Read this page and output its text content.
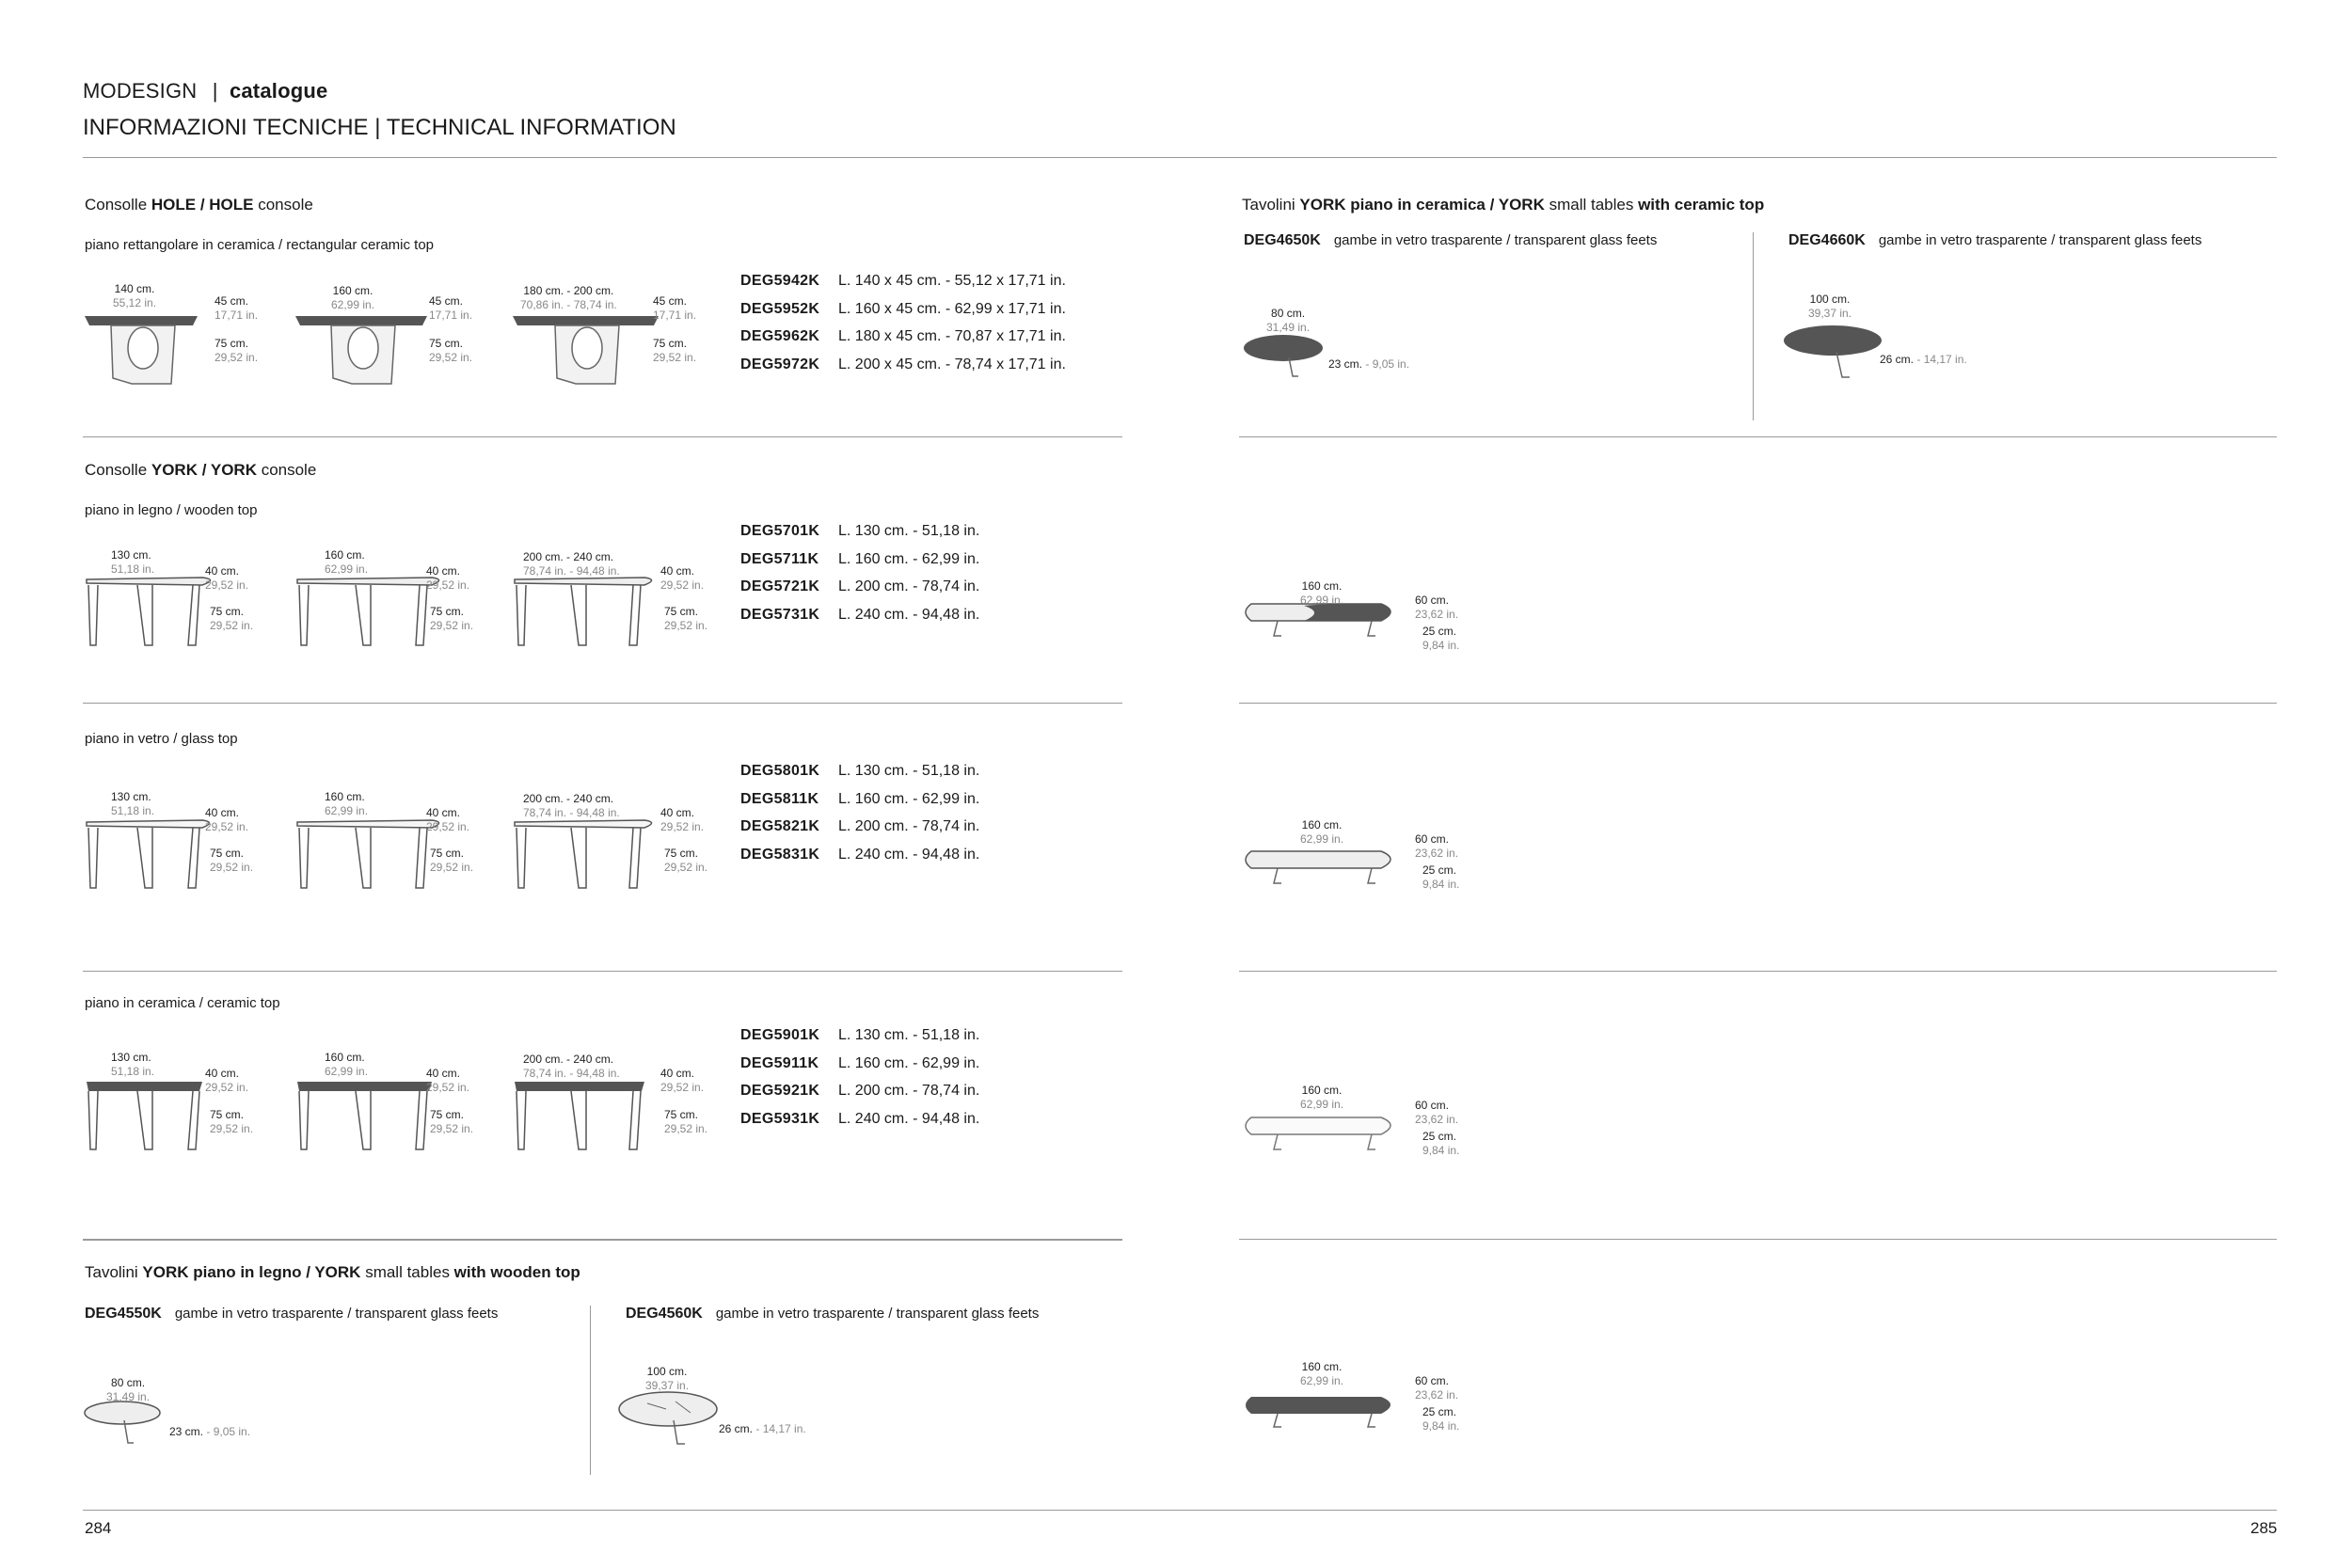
MODESIGN | catalogue
INFORMAZIONI TECNICHE | TECHNICAL INFORMATION
Consolle HOLE / HOLE console
piano rettangolare in ceramica / rectangular ceramic top
140 cm.
55,12 in.	45 cm.
17,71 in.
75 cm.
29,52 in.
160 cm.
62,99 in.	45 cm.
17,71 in.
75 cm.
29,52 in.
180 cm. - 200 cm.
70,86 in. - 78,74 in.	45 cm.
17,71 in.
75 cm.
29,52 in.
DEG5942K L. 140 x 45 cm. - 55,12 x 17,71 in.
DEG5952K L. 160 x 45 cm. - 62,99 x 17,71 in.
DEG5962K L. 180 x 45 cm. - 70,87 x 17,71 in.
DEG5972K L. 200 x 45 cm. - 78,74 x 17,71 in.
Consolle YORK / YORK console
piano in legno / wooden top
130 cm.
51,18 in.	40 cm.
29,52 in.
75 cm.
29,52 in.
160 cm.
62,99 in.	40 cm.
29,52 in.
75 cm.
29,52 in.
200 cm. - 240 cm.
78,74 in. - 94,48 in.	40 cm.
29,52 in.
75 cm.
29,52 in.
DEG5701K L. 130 cm. - 51,18 in.
DEG5711K L. 160 cm. - 62,99 in.
DEG5721K L. 200 cm. - 78,74 in.
DEG5731K L. 240 cm. - 94,48 in.
piano in vetro / glass top
130 cm.
51,18 in.	40 cm.
29,52 in.
75 cm.
29,52 in.
160 cm.
62,99 in.	40 cm.
29,52 in.
75 cm.
29,52 in.
200 cm. - 240 cm.
78,74 in. - 94,48 in.	40 cm.
29,52 in.
75 cm.
29,52 in.
DEG5801K L. 130 cm. - 51,18 in.
DEG5811K L. 160 cm. - 62,99 in.
DEG5821K L. 200 cm. - 78,74 in.
DEG5831K L. 240 cm. - 94,48 in.
piano in ceramica / ceramic top
130 cm.
51,18 in.	40 cm.
29,52 in.
75 cm.
29,52 in.
160 cm.
62,99 in.	40 cm.
29,52 in.
75 cm.
29,52 in.
200 cm. - 240 cm.
78,74 in. - 94,48 in.	40 cm.
29,52 in.
75 cm.
29,52 in.
DEG5901K L. 130 cm. - 51,18 in.
DEG5911K L. 160 cm. - 62,99 in.
DEG5921K L. 200 cm. - 78,74 in.
DEG5931K L. 240 cm. - 94,48 in.
Tavolini YORK piano in legno / YORK small tables with wooden top
DEG4550K gambe in vetro trasparente / transparent glass feets	DEG4560K gambe in vetro trasparente / transparent glass feets
80 cm.
31,49 in.
23 cm. - 9,05 in.
100 cm.
39,37 in.
26 cm. - 14,17 in.
284	285
Tavolini YORK piano in ceramica / YORK small tables with ceramic top
DEG4650K gambe in vetro trasparente / transparent glass feets	DEG4660K gambe in vetro trasparente / transparent glass feets
80 cm.
31,49 in.
23 cm. - 9,05 in.
100 cm.
39,37 in.
26 cm. - 14,17 in.
160 cm.
62,99 in.	60 cm.
23,62 in.
25 cm.
9,84 in.
160 cm.
62,99 in.	60 cm.
23,62 in.
25 cm.
9,84 in.
160 cm.
62,99 in.	60 cm.
23,62 in.
25 cm.
9,84 in.
160 cm.
62,99 in.	60 cm.
23,62 in.
25 cm.
9,84 in.
